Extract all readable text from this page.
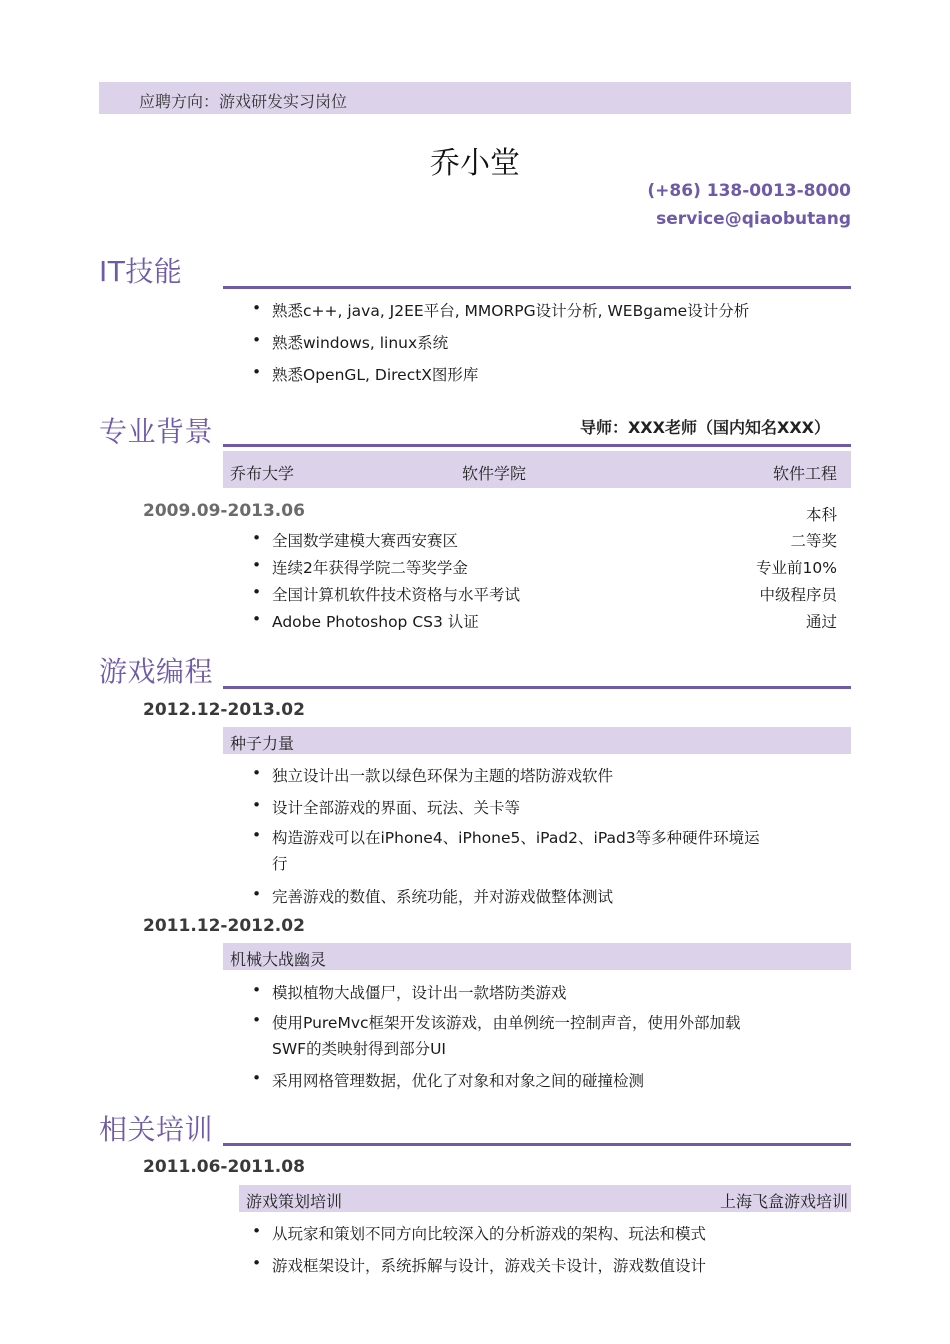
应聘方向：游戏研发实习岗位
乔小堂
(+86) 138-0013-8000
service@qiaobutang
IT技能
• 熟悉c++, java, J2EE平台, MMORPG设计分析, WEBgame设计分析
• 熟悉windows, linux系统
• 熟悉OpenGL, DirectX图形库
专业背景	导师：XXX老师（国内知名XXX）
乔布大学	软件学院	软件工程
2009.09-2013.06	本科
• 全国数学建模大赛西安赛区	二等奖
• 连续2年获得学院二等奖学金	专业前10%
• 全国计算机软件技术资格与水平考试	中级程序员
• Adobe Photoshop CS3 认证	通过
游戏编程
2012.12-2013.02
种子力量
• 独立设计出一款以绿色环保为主题的塔防游戏软件
• 设计全部游戏的界面、玩法、关卡等
• 构造游戏可以在iPhone4、iPhone5、iPad2、iPad3等多种硬件环境运
行
• 完善游戏的数值、系统功能，并对游戏做整体测试
2011.12-2012.02
机械大战幽灵
• 模拟植物大战僵尸，设计出一款塔防类游戏
• 使用PureMvc框架开发该游戏，由单例统一控制声音，使用外部加载
SWF的类映射得到部分UI
• 采用网格管理数据，优化了对象和对象之间的碰撞检测
相关培训
2011.06-2011.08
游戏策划培训	上海飞盒游戏培训
• 从玩家和策划不同方向比较深入的分析游戏的架构、玩法和模式
• 游戏框架设计，系统拆解与设计，游戏关卡设计，游戏数值设计
